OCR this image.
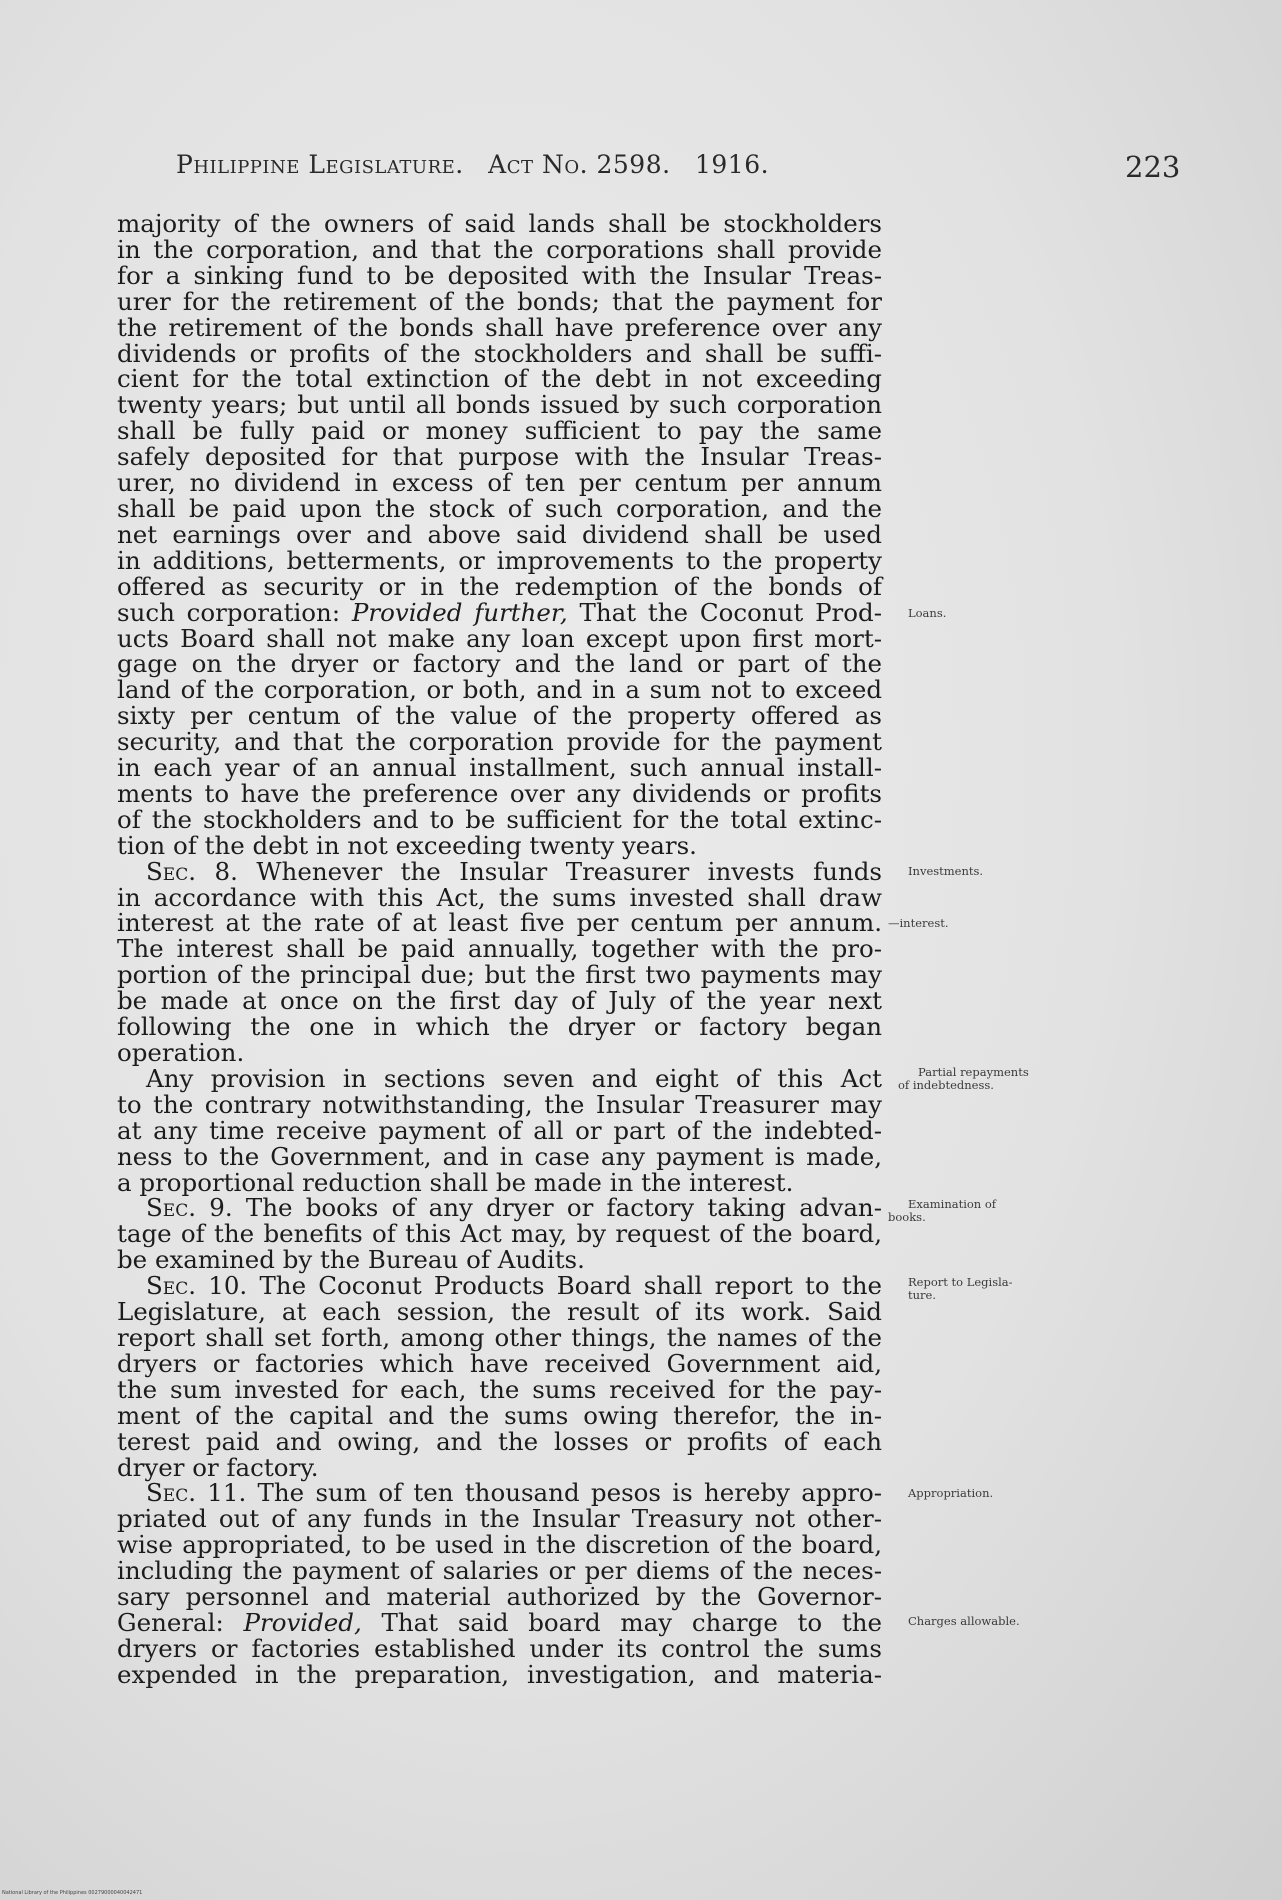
Philippine Legislature. Act No. 2598. 1916.	223
majority of the owners of said lands shall be stockholders
in the corporation, and that the corporations shall provide
for a sinking fund to be deposited with the Insular Treas-
urer for the retirement of the bonds; that the payment for
the retirement of the bonds shall have preference over any
dividends or profits of the stockholders and shall be suffi-
cient for the total extinction of the debt in not exceeding
twenty years; but until all bonds issued by such corporation
shall be fully paid or money sufficient to pay the same
safely deposited for that purpose with the Insular Treas-
urer, no dividend in excess of ten per centum per annum
shall be paid upon the stock of such corporation, and the
net earnings over and above said dividend shall be used
in additions, betterments, or improvements to the property
offered as security or in the redemption of the bonds of
such corporation: Provided further, That the Coconut Prod-
ucts Board shall not make any loan except upon first mort-
gage on the dryer or factory and the land or part of the
land of the corporation, or both, and in a sum not to exceed
sixty per centum of the value of the property offered as
security, and that the corporation provide for the payment
in each year of an annual installment, such annual install-
ments to have the preference over any dividends or profits
of the stockholders and to be sufficient for the total extinc-
tion of the debt in not exceeding twenty years.
Sec. 8. Whenever the Insular Treasurer invests funds
in accordance with this Act, the sums invested shall draw
interest at the rate of at least five per centum per annum.
The interest shall be paid annually, together with the pro-
portion of the principal due; but the first two payments may
be made at once on the first day of July of the year next
following the one in which the dryer or factory began
operation.
Any provision in sections seven and eight of this Act
to the contrary notwithstanding, the Insular Treasurer may
at any time receive payment of all or part of the indebted-
ness to the Government, and in case any payment is made,
a proportional reduction shall be made in the interest.
Sec. 9. The books of any dryer or factory taking advan-
tage of the benefits of this Act may, by request of the board,
be examined by the Bureau of Audits.
Sec. 10. The Coconut Products Board shall report to the
Legislature, at each session, the result of its work. Said
report shall set forth, among other things, the names of the
dryers or factories which have received Government aid,
the sum invested for each, the sums received for the pay-
ment of the capital and the sums owing therefor, the in-
terest paid and owing, and the losses or profits of each
dryer or factory.
Sec. 11. The sum of ten thousand pesos is hereby appro-
priated out of any funds in the Insular Treasury not other-
wise appropriated, to be used in the discretion of the board,
including the payment of salaries or per diems of the neces-
sary personnel and material authorized by the Governor-
General: Provided, That said board may charge to the
dryers or factories established under its control the sums
expended in the preparation, investigation, and materia-
Loans.
Investments.
—interest.
Partial repayments
of indebtedness.
Examination of
books.
Report to Legisla-
ture.
Appropriation.
Charges allowable.
National Library of the Philippines 00279000040042471
